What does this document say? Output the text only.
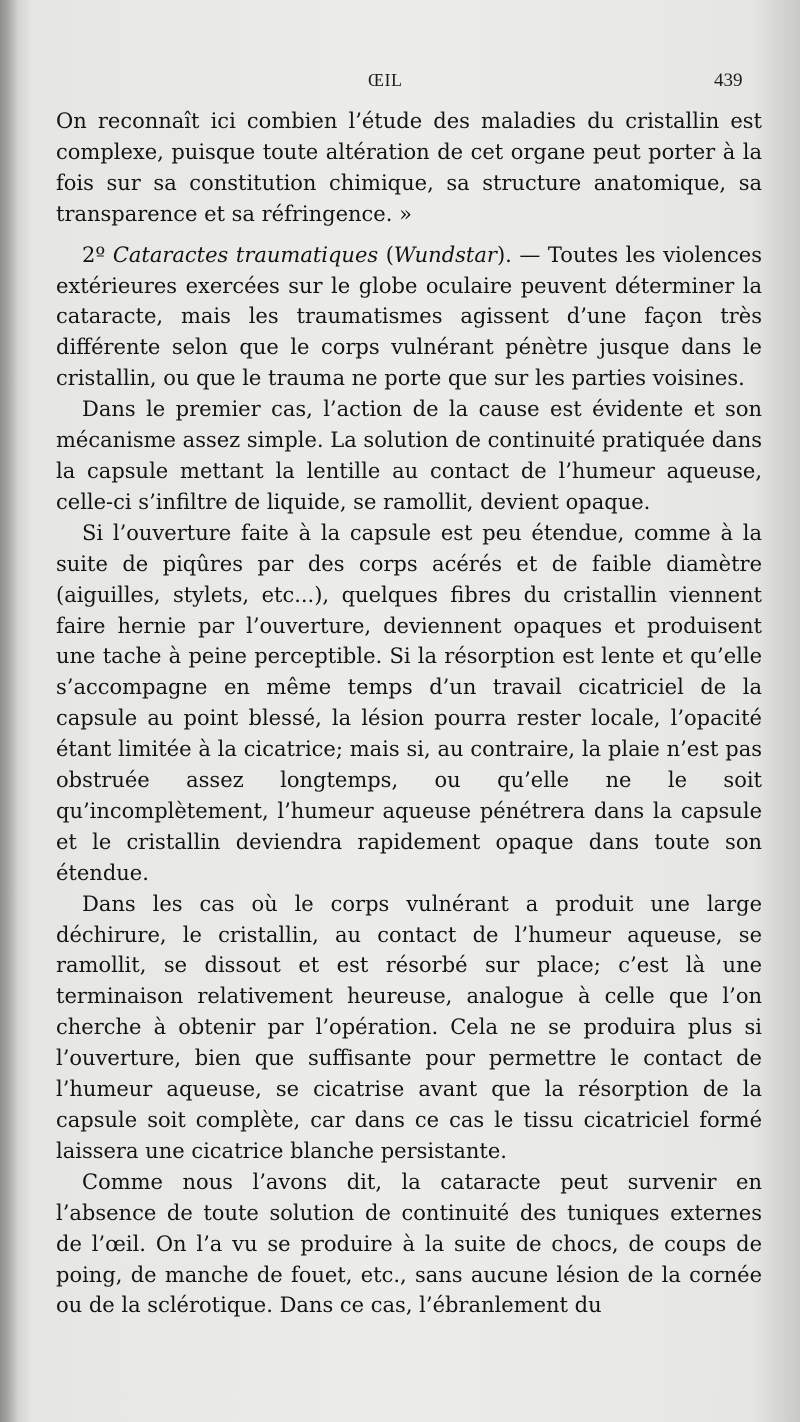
ŒIL	439

On reconnaît ici combien l’étude des maladies du cristallin est complexe, puisque toute altération de cet organe peut porter à la fois sur sa constitution chimique, sa structure anatomique, sa transparence et sa réfringence. »

2º Cataractes traumatiques (Wundstar). — Toutes les violences extérieures exercées sur le globe oculaire peuvent déterminer la cataracte, mais les traumatismes agissent d’une façon très différente selon que le corps vulnérant pénètre jusque dans le cristallin, ou que le trauma ne porte que sur les parties voisines.

Dans le premier cas, l’action de la cause est évidente et son mécanisme assez simple. La solution de continuité pratiquée dans la capsule mettant la lentille au contact de l’humeur aqueuse, celle-ci s’infiltre de liquide, se ramollit, devient opaque.

Si l’ouverture faite à la capsule est peu étendue, comme à la suite de piqûres par des corps acérés et de faible diamètre (aiguilles, stylets, etc...), quelques fibres du cristallin viennent faire hernie par l’ouverture, deviennent opaques et produisent une tache à peine perceptible. Si la résorption est lente et qu’elle s’accompagne en même temps d’un travail cicatriciel de la capsule au point blessé, la lésion pourra rester locale, l’opacité étant limitée à la cicatrice; mais si, au contraire, la plaie n’est pas obstruée assez longtemps, ou qu’elle ne le soit qu’incomplètement, l’humeur aqueuse pénétrera dans la capsule et le cristallin deviendra rapidement opaque dans toute son étendue.

Dans les cas où le corps vulnérant a produit une large déchirure, le cristallin, au contact de l’humeur aqueuse, se ramollit, se dissout et est résorbé sur place; c’est là une terminaison relativement heureuse, analogue à celle que l’on cherche à obtenir par l’opération. Cela ne se produira plus si l’ouverture, bien que suffisante pour permettre le contact de l’humeur aqueuse, se cicatrise avant que la résorption de la capsule soit complète, car dans ce cas le tissu cicatriciel formé laissera une cicatrice blanche persistante.

Comme nous l’avons dit, la cataracte peut survenir en l’absence de toute solution de continuité des tuniques externes de l’œil. On l’a vu se produire à la suite de chocs, de coups de poing, de manche de fouet, etc., sans aucune lésion de la cornée ou de la sclérotique. Dans ce cas, l’ébranlement du
